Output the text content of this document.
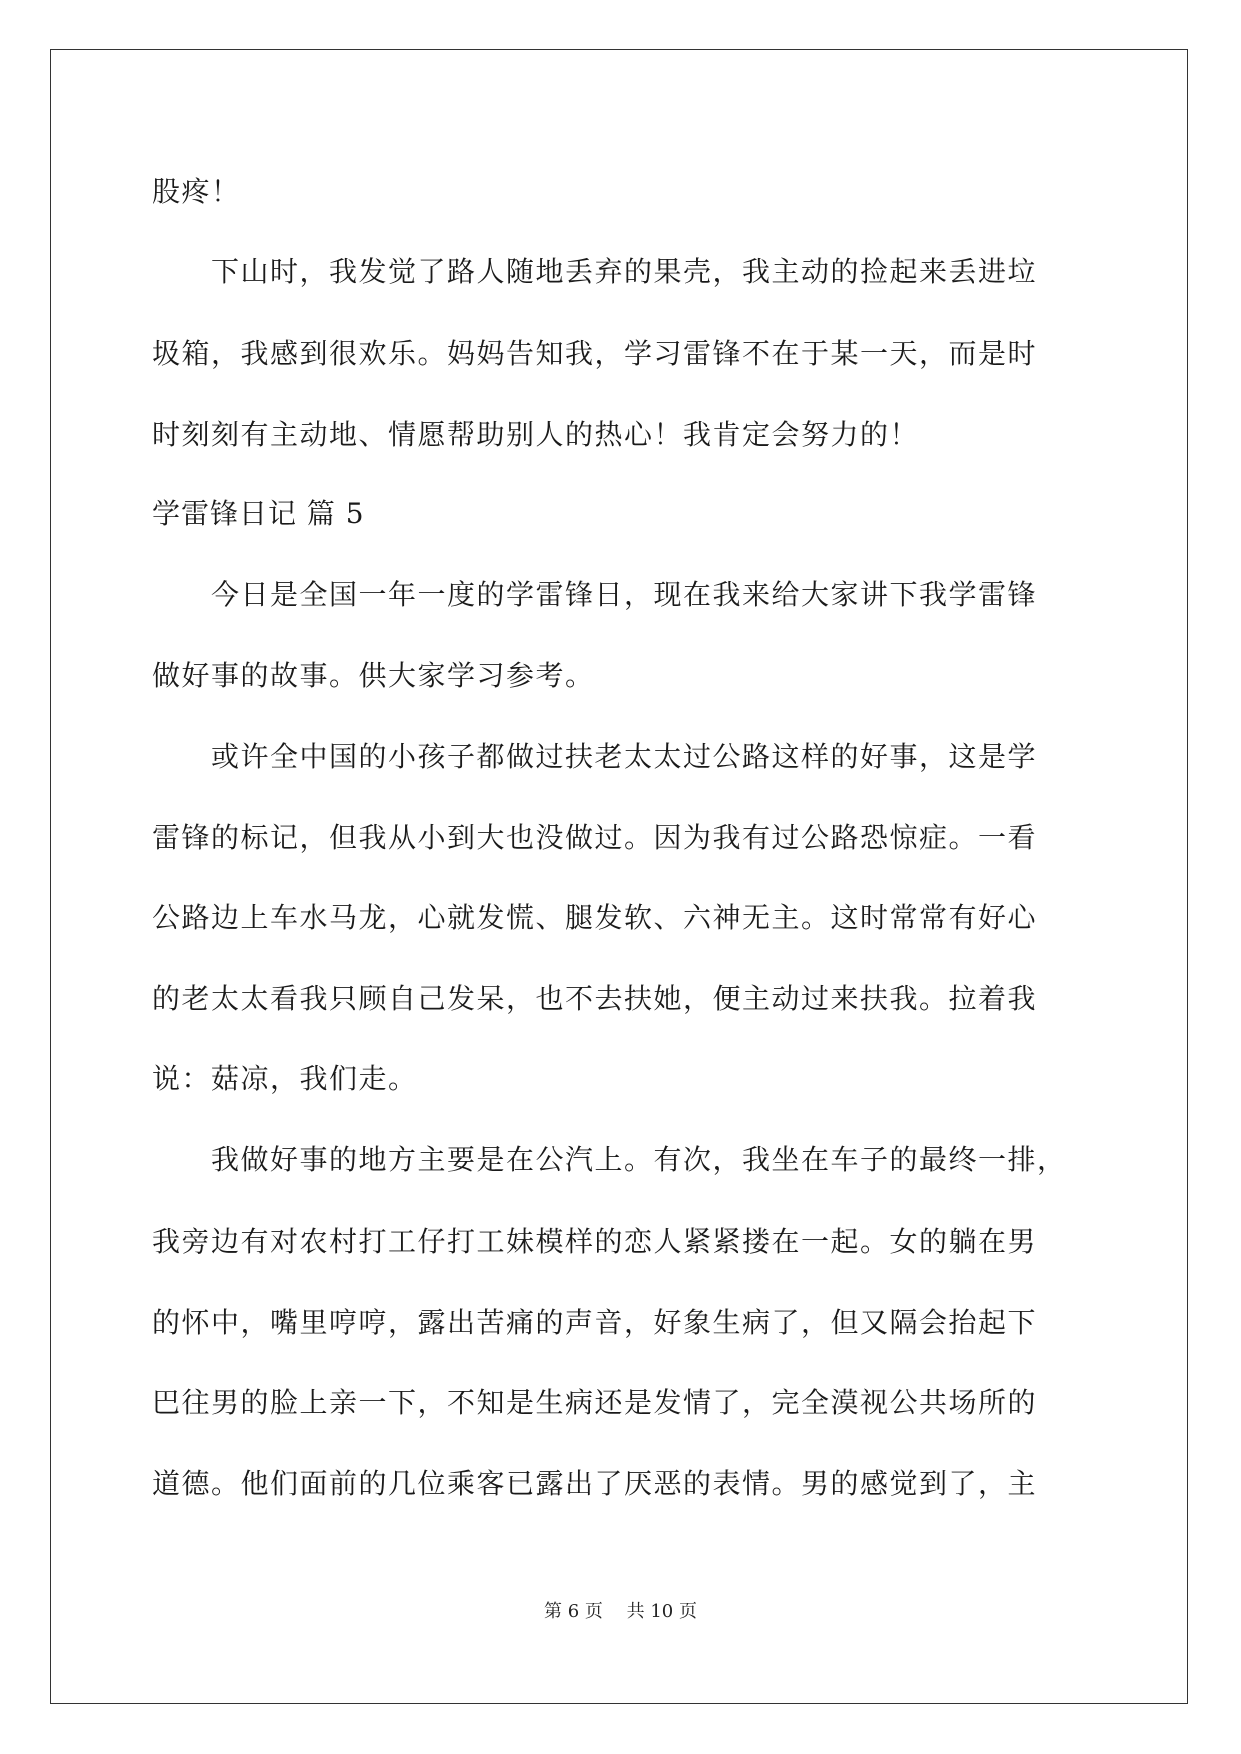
股疼！
　　下山时，我发觉了路人随地丢弃的果壳，我主动的捡起来丢进垃
圾箱，我感到很欢乐。妈妈告知我，学习雷锋不在于某一天，而是时
时刻刻有主动地、情愿帮助别人的热心！我肯定会努力的！
学雷锋日记 篇 5
　　今日是全国一年一度的学雷锋日，现在我来给大家讲下我学雷锋
做好事的故事。供大家学习参考。
　　或许全中国的小孩子都做过扶老太太过公路这样的好事，这是学
雷锋的标记，但我从小到大也没做过。因为我有过公路恐惊症。一看
公路边上车水马龙，心就发慌、腿发软、六神无主。这时常常有好心
的老太太看我只顾自己发呆，也不去扶她，便主动过来扶我。拉着我
说：菇凉，我们走。
　　我做好事的地方主要是在公汽上。有次，我坐在车子的最终一排，
我旁边有对农村打工仔打工妹模样的恋人紧紧搂在一起。女的躺在男
的怀中，嘴里哼哼，露出苦痛的声音，好象生病了，但又隔会抬起下
巴往男的脸上亲一下，不知是生病还是发情了，完全漠视公共场所的
道德。他们面前的几位乘客已露出了厌恶的表情。男的感觉到了，主
第 6 页　 共 10 页
